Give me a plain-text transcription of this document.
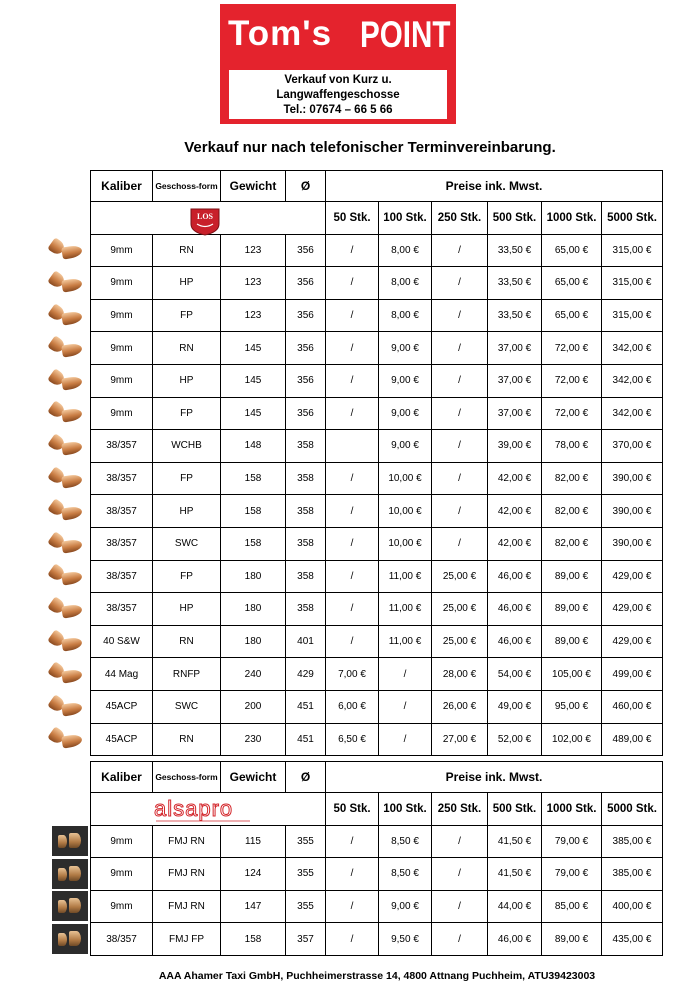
Tom's POINT
Verkauf von Kurz u.
Langwaffengeschosse
Tel.: 07674 – 66 5 66
Verkauf nur nach telefonischer Terminvereinbarung.
Kaliber	Geschoss-form	Gewicht	Ø	Preise ink. Mwst.					
				50 Stk.	100 Stk.	250 Stk.	500 Stk.	1000 Stk.	5000 Stk.
9mm	RN	123	356	/	8,00 €	/	33,50 €	65,00 €	315,00 €
9mm	HP	123	356	/	8,00 €	/	33,50 €	65,00 €	315,00 €
9mm	FP	123	356	/	8,00 €	/	33,50 €	65,00 €	315,00 €
9mm	RN	145	356	/	9,00 €	/	37,00 €	72,00 €	342,00 €
9mm	HP	145	356	/	9,00 €	/	37,00 €	72,00 €	342,00 €
9mm	FP	145	356	/	9,00 €	/	37,00 €	72,00 €	342,00 €
38/357	WCHB	148	358		9,00 €	/	39,00 €	78,00 €	370,00 €
38/357	FP	158	358	/	10,00 €	/	42,00 €	82,00 €	390,00 €
38/357	HP	158	358	/	10,00 €	/	42,00 €	82,00 €	390,00 €
38/357	SWC	158	358	/	10,00 €	/	42,00 €	82,00 €	390,00 €
38/357	FP	180	358	/	11,00 €	25,00 €	46,00 €	89,00 €	429,00 €
38/357	HP	180	358	/	11,00 €	25,00 €	46,00 €	89,00 €	429,00 €
40 S&W	RN	180	401	/	11,00 €	25,00 €	46,00 €	89,00 €	429,00 €
44 Mag	RNFP	240	429	7,00 €	/	28,00 €	54,00 €	105,00 €	499,00 €
45ACP	SWC	200	451	6,00 €	/	26,00 €	49,00 €	95,00 €	460,00 €
45ACP	RN	230	451	6,50 €	/	27,00 €	52,00 €	102,00 €	489,00 €
Kaliber	Geschoss-form	Gewicht	Ø	Preise ink. Mwst.					
				50 Stk.	100 Stk.	250 Stk.	500 Stk.	1000 Stk.	5000 Stk.
9mm	FMJ RN	115	355	/	8,50 €	/	41,50 €	79,00 €	385,00 €
9mm	FMJ RN	124	355	/	8,50 €	/	41,50 €	79,00 €	385,00 €
9mm	FMJ RN	147	355	/	9,00 €	/	44,00 €	85,00 €	400,00 €
38/357	FMJ FP	158	357	/	9,50 €	/	46,00 €	89,00 €	435,00 €
LOS
alsapro
AAA Ahamer Taxi GmbH, Puchheimerstrasse 14, 4800 Attnang Puchheim, ATU39423003
